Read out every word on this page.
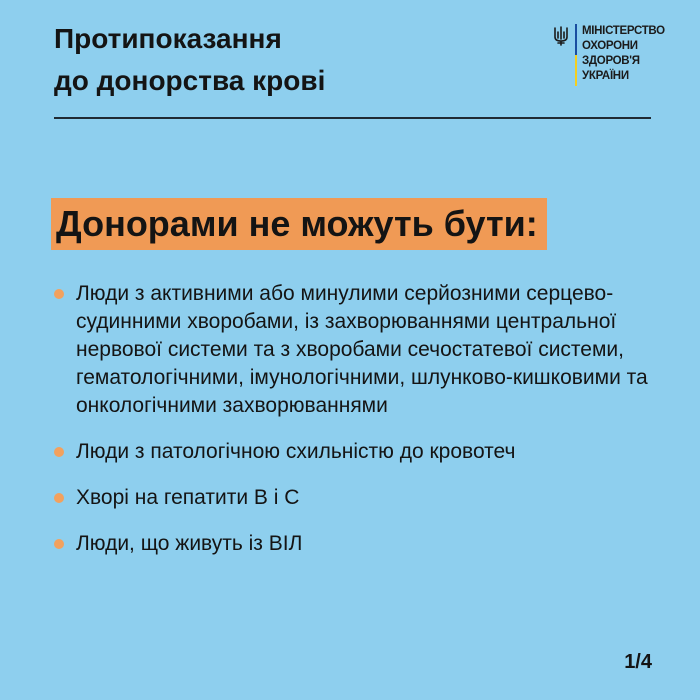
Протипоказання
до донорства крові
МІНІСТЕРСТВО
ОХОРОНИ
ЗДОРОВ'Я
УКРАЇНИ
Донорами не можуть бути:
Люди з активними або минулими серйозними серцево-судинними хворобами, із захворюваннями центральної нервової системи та з хворобами сечостатевої системи, гематологічними, імунологічними, шлунково-кишковими та онкологічними захворюваннями
Люди з патологічною схильністю до кровотеч
Хворі на гепатити В і С
Люди, що живуть із ВІЛ
1/4
